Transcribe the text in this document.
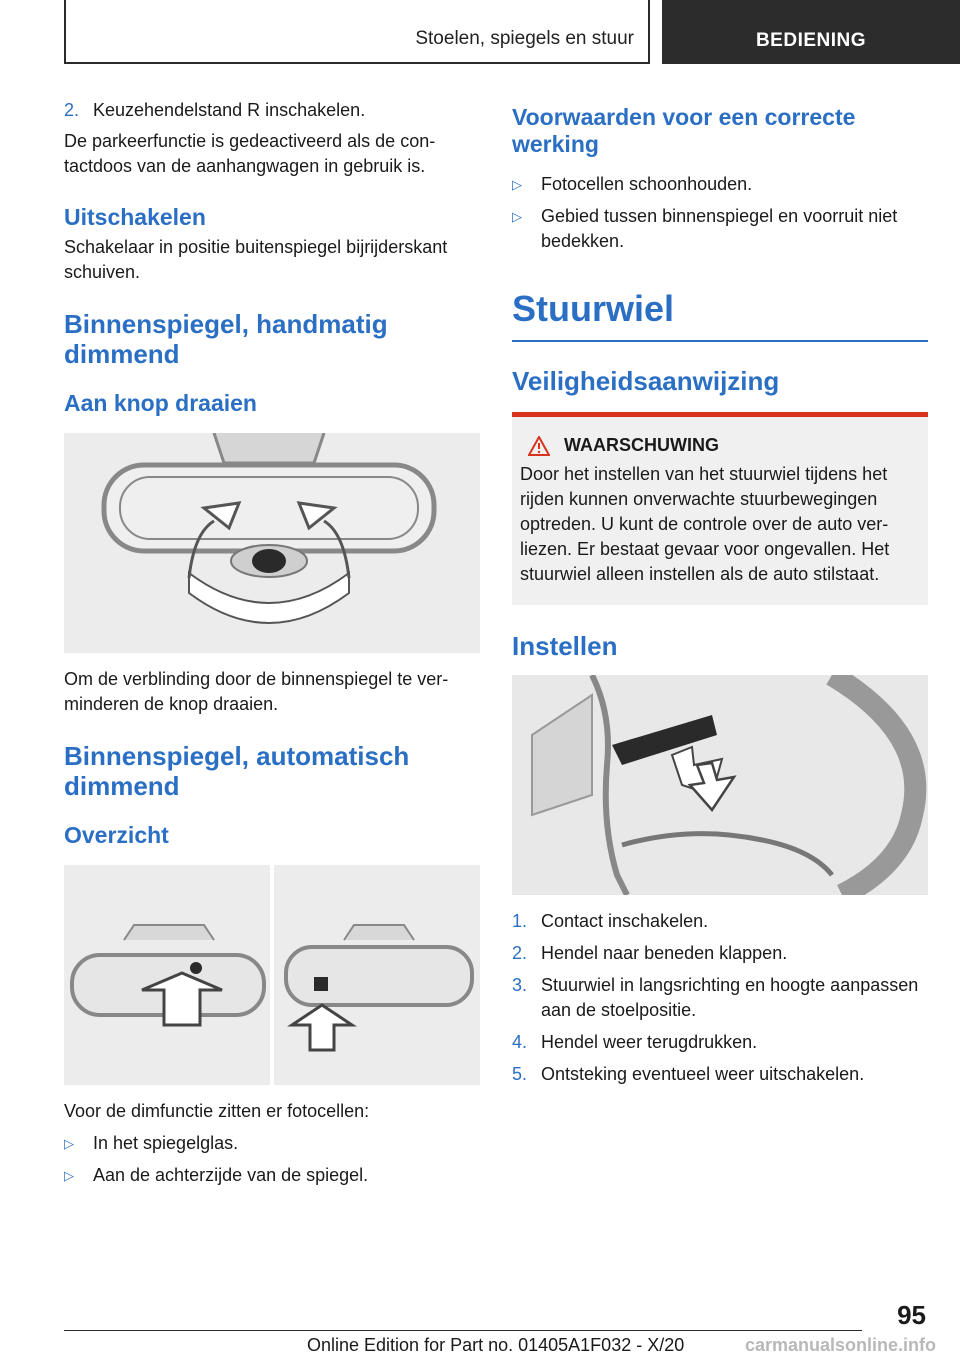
Stoelen, spiegels en stuur	BEDIENING
2. Keuzehendelstand R inschakelen.

De parkeerfunctie is gedeactiveerd als de contactdoos van de aanhangwagen in gebruik is.

Uitschakelen

Schakelaar in positie buitenspiegel bijrijderskant schuiven.

Binnenspiegel, handmatig dimmend
Aan knop draaien

Om de verblinding door de binnenspiegel te verminderen de knop draaien.

Binnenspiegel, automatisch dimmend
Overzicht

Voor de dimfunctie zitten er fotocellen:

▷	In het spiegelglas.
▷	Aan de achterzijde van de spiegel.
Voorwaarden voor een correcte werking
▷	Fotocellen schoonhouden.
▷	Gebied tussen binnenspiegel en voorruit niet bedekken.
Stuurwiel
Veiligheidsaanwijzing
WAARSCHUWING

Door het instellen van het stuurwiel tijdens het rijden kunnen onverwachte stuurbewegingen optreden. U kunt de controle over de auto verliezen. Er bestaat gevaar voor ongevallen. Het stuurwiel alleen instellen als de auto stilstaat.

Instellen
1. Contact inschakelen.
2. Hendel naar beneden klappen.
3. Stuurwiel in langsrichting en hoogte aanpassen aan de stoelpositie.
4. Hendel weer terugdrukken.
5. Ontsteking eventueel weer uitschakelen.
95
Online Edition for Part no. 01405A1F032 - X/20	carmanualsonline.info
